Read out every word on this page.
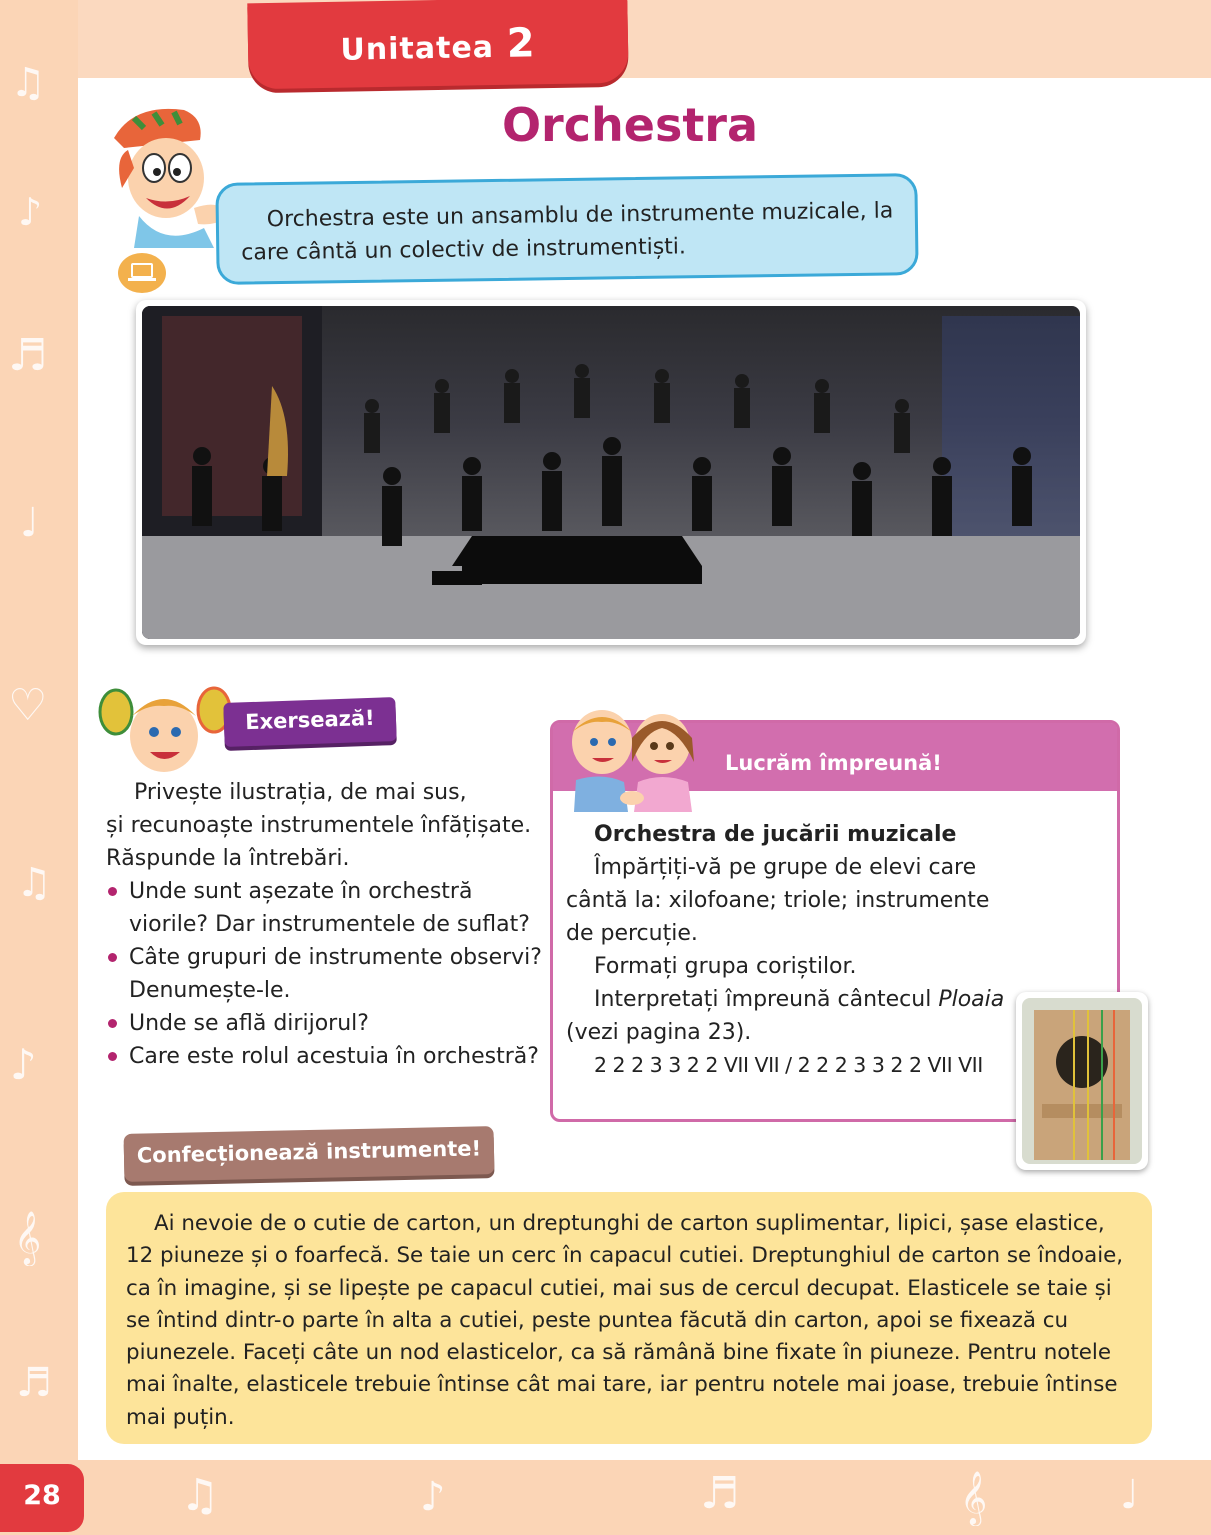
♫
♪
♬
♩
♡
♫
♪
𝄞
♬
♫	♪	♬	𝄞	♩
Unitatea 2
Orchestra

Orchestra este un ansamblu de instrumente muzicale, la care cântă un colectiv de instrumentiști.

Exersează!

Privește ilustrația, de mai sus,

și recunoaște instrumentele înfățișate.

Răspunde la întrebări.

Unde sunt așezate în orchestră viorile? Dar instrumentele de suflat?
Câte grupuri de instrumente observi? Denumește-le.
Unde se află dirijorul?
Care este rolul acestuia în orchestră?
Lucrăm împreună!

Orchestra de jucării muzicale

Împărțiți-vă pe grupe de elevi care cântă la: xilofoane; triole; instrumente de percuție.

Formați grupa coriștilor.

Interpretați împreună cântecul Ploaia (vezi pagina 23).

2 2 2 3 3 2 2 VII VII / 2 2 2 3 3 2 2 VII VII

Confecționează instrumente!

Ai nevoie de o cutie de carton, un dreptunghi de carton suplimentar, lipici, șase elastice, 12 piuneze și o foarfecă. Se taie un cerc în capacul cutiei. Dreptunghiul de carton se îndoaie, ca în imagine, și se lipește pe capacul cutiei, mai sus de cercul decupat. Elasticele se taie și se întind dintr-o parte în alta a cutiei, peste puntea făcută din carton, apoi se fixează cu piunezele. Faceți câte un nod elasticelor, ca să rămână bine fixate în piuneze. Pentru notele mai înalte, elasticele trebuie întinse cât mai tare, iar pentru notele mai joase, trebuie întinse mai puțin.

28
